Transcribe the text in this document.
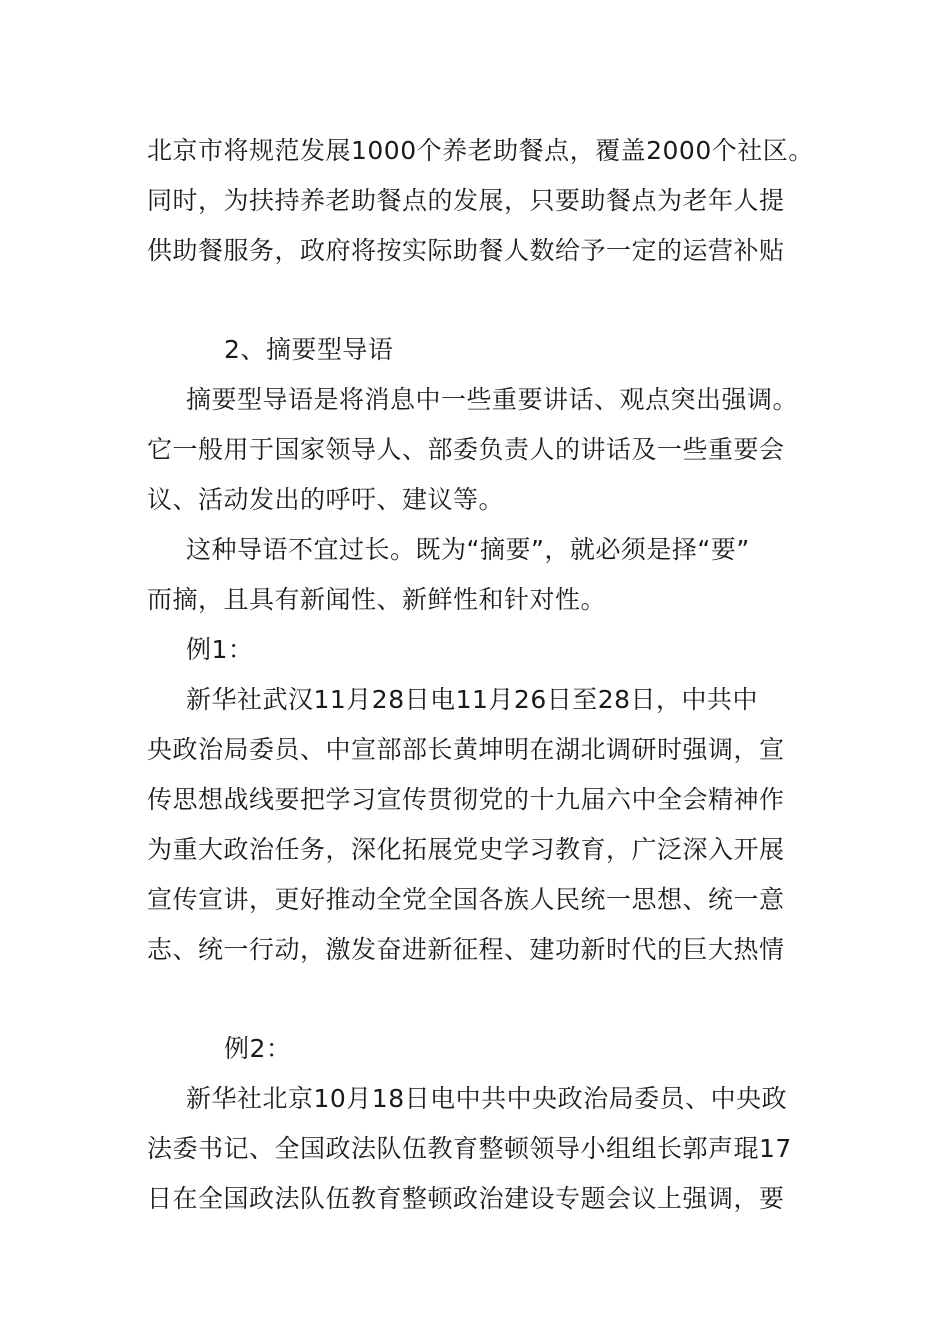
北京市将规范发展1000个养老助餐点，覆盖2000个社区。
同时，为扶持养老助餐点的发展，只要助餐点为老年人提
供助餐服务，政府将按实际助餐人数给予一定的运营补贴
2、摘要型导语
摘要型导语是将消息中一些重要讲话、观点突出强调。
它一般用于国家领导人、部委负责人的讲话及一些重要会
议、活动发出的呼吁、建议等。
这种导语不宜过长。既为“摘要”，就必须是择“要”
而摘，且具有新闻性、新鲜性和针对性。
例1：
新华社武汉11月28日电11月26日至28日，中共中
央政治局委员、中宣部部长黄坤明在湖北调研时强调，宣
传思想战线要把学习宣传贯彻党的十九届六中全会精神作
为重大政治任务，深化拓展党史学习教育，广泛深入开展
宣传宣讲，更好推动全党全国各族人民统一思想、统一意
志、统一行动，激发奋进新征程、建功新时代的巨大热情
例2：
新华社北京10月18日电中共中央政治局委员、中央政
法委书记、全国政法队伍教育整顿领导小组组长郭声琨17
日在全国政法队伍教育整顿政治建设专题会议上强调，要
